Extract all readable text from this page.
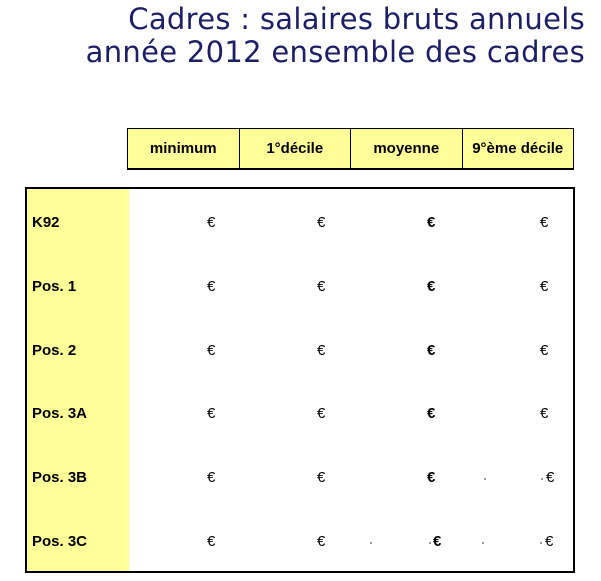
Cadres : salaires bruts annuels
année 2012 ensemble des cadres
minimum	1°décile	moyenne	9°ème décile
K92	€	€	€	€
Pos. 1	€	€	€	€
Pos. 2	€	€	€	€
Pos. 3A	€	€	€	€
Pos. 3B	€	€	€	€
Pos. 3C	€	€	€	€
